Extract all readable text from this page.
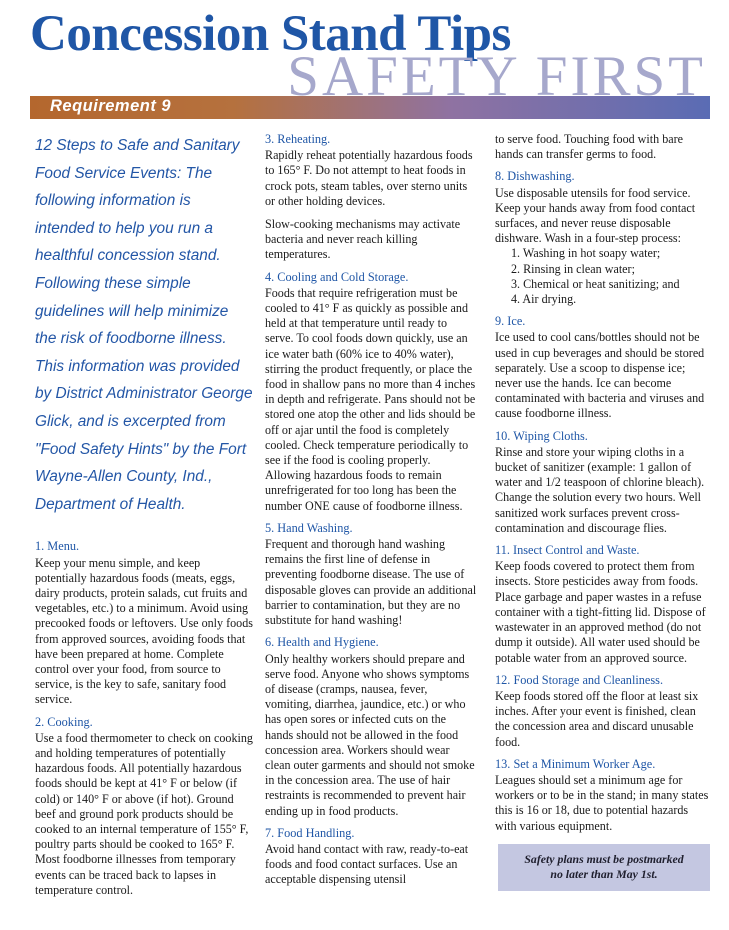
Concession Stand Tips
SAFETY FIRST
Requirement 9

12 Steps to Safe and Sanitary Food Service Events: The following information is intended to help you run a healthful concession stand. Following these simple guidelines will help minimize the risk of foodborne illness. This information was provided by District Administrator George Glick, and is excerpted from "Food Safety Hints" by the Fort Wayne-Allen County, Ind., Department of Health.

1. Menu.

Keep your menu simple, and keep potentially hazardous foods (meats, eggs, dairy products, protein salads, cut fruits and vegetables, etc.) to a minimum. Avoid using precooked foods or leftovers. Use only foods from approved sources, avoiding foods that have been prepared at home. Complete control over your food, from source to service, is the key to safe, sanitary food service.

2. Cooking.

Use a food thermometer to check on cooking and holding temperatures of potentially hazardous foods. All potentially hazardous foods should be kept at 41° F or below (if cold) or 140° F or above (if hot). Ground beef and ground pork products should be cooked to an internal temperature of 155° F, poultry parts should be cooked to 165° F. Most foodborne illnesses from temporary events can be traced back to lapses in temperature control.

3. Reheating.

Rapidly reheat potentially hazardous foods to 165° F. Do not attempt to heat foods in crock pots, steam tables, over sterno units or other holding devices.

Slow-cooking mechanisms may activate bacteria and never reach killing temperatures.

4. Cooling and Cold Storage.

Foods that require refrigeration must be cooled to 41° F as quickly as possible and held at that temperature until ready to serve. To cool foods down quickly, use an ice water bath (60% ice to 40% water), stirring the product frequently, or place the food in shallow pans no more than 4 inches in depth and refrigerate. Pans should not be stored one atop the other and lids should be off or ajar until the food is completely cooled. Check temperature periodically to see if the food is cooling properly. Allowing hazardous foods to remain unrefrigerated for too long has been the number ONE cause of foodborne illness.

5. Hand Washing.

Frequent and thorough hand washing remains the first line of defense in preventing foodborne disease. The use of disposable gloves can provide an additional barrier to contamination, but they are no substitute for hand washing!

6. Health and Hygiene.

Only healthy workers should prepare and serve food. Anyone who shows symptoms of disease (cramps, nausea, fever, vomiting, diarrhea, jaundice, etc.) or who has open sores or infected cuts on the hands should not be allowed in the food concession area. Workers should wear clean outer garments and should not smoke in the concession area. The use of hair restraints is recommended to prevent hair ending up in food products.

7. Food Handling.

Avoid hand contact with raw, ready-to-eat foods and food contact surfaces. Use an acceptable dispensing utensil

to serve food. Touching food with bare hands can transfer germs to food.

8. Dishwashing.

Use disposable utensils for food service. Keep your hands away from food contact surfaces, and never reuse disposable dishware. Wash in a four-step process:

1. Washing in hot soapy water;
2. Rinsing in clean water;
3. Chemical or heat sanitizing; and
4. Air drying.
9. Ice.

Ice used to cool cans/bottles should not be used in cup beverages and should be stored separately. Use a scoop to dispense ice; never use the hands. Ice can become contaminated with bacteria and viruses and cause foodborne illness.

10. Wiping Cloths.

Rinse and store your wiping cloths in a bucket of sanitizer (example: 1 gallon of water and 1/2 teaspoon of chlorine bleach). Change the solution every two hours. Well sanitized work surfaces prevent cross-contamination and discourage flies.

11. Insect Control and Waste.

Keep foods covered to protect them from insects. Store pesticides away from foods. Place garbage and paper wastes in a refuse container with a tight-fitting lid. Dispose of wastewater in an approved method (do not dump it outside). All water used should be potable water from an approved source.

12. Food Storage and Cleanliness.

Keep foods stored off the floor at least six inches. After your event is finished, clean the concession area and discard unusable food.

13. Set a Minimum Worker Age.

Leagues should set a minimum age for workers or to be in the stand; in many states this is 16 or 18, due to potential hazards with various equipment.

Safety plans must be postmarked
no later than May 1st.
